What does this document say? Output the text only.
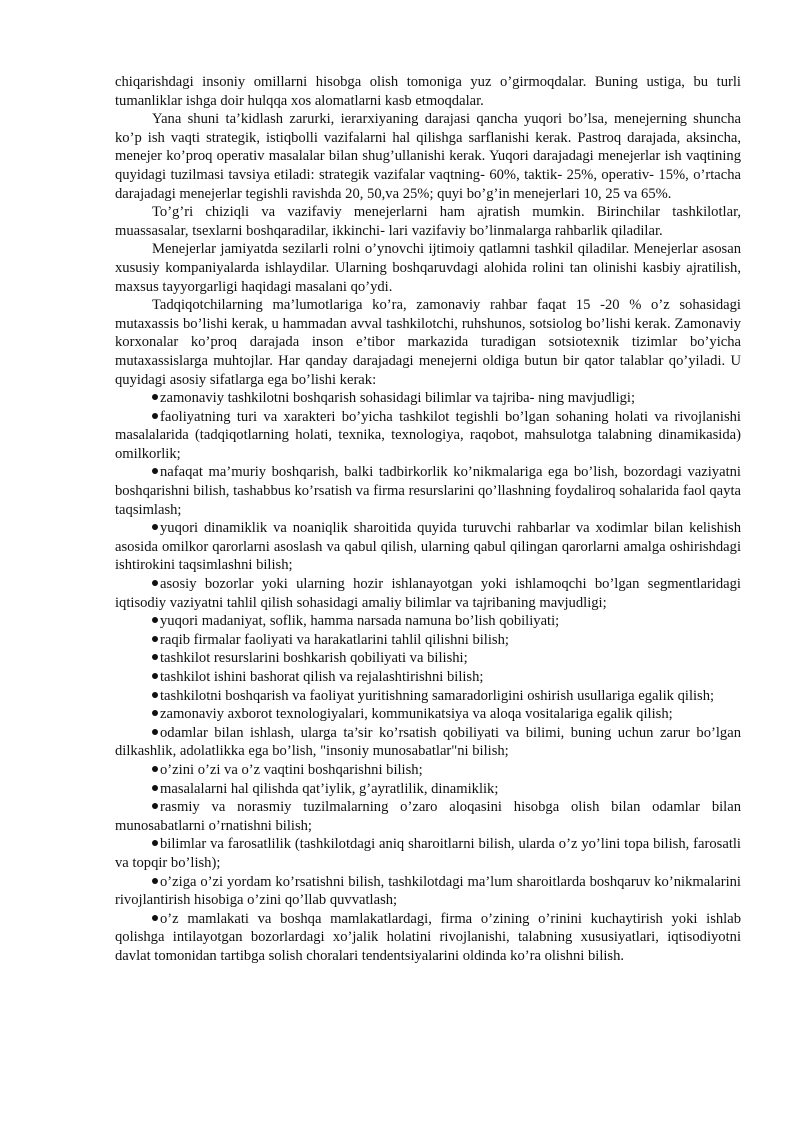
chiqarishdagi insoniy omillarni hisobga olish tomoniga yuz o’girmoqdalar. Buning ustiga, bu turli tumanliklar ishga doir hulqqa xos alomatlarni kasb etmoqdalar.

Yana shuni ta’kidlash zarurki, ierarxiyaning darajasi qancha yuqori bo’lsa, menejerning shuncha ko’p ish vaqti strategik, istiqbolli vazifalarni hal qilishga sarflanishi kerak. Pastroq darajada, aksincha, menejer ko’proq operativ masalalar bilan shug’ullanishi kerak. Yuqori darajadagi menejerlar ish vaqtining quyidagi tuzilmasi tavsiya etiladi: strategik vazifalar vaqtning- 60%, taktik- 25%, operativ- 15%, o’rtacha darajadagi menejerlar tegishli ravishda 20, 50,va 25%; quyi bo’g’in menejerlari 10, 25 va 65%.

To’g’ri chiziqli va vazifaviy menejerlarni ham ajratish mumkin. Birinchilar tashkilotlar, muassasalar, tsexlarni boshqaradilar, ikkinchi- lari vazifaviy bo’linmalarga rahbarlik qiladilar.

Menejerlar jamiyatda sezilarli rolni o’ynovchi ijtimoiy qatlamni tashkil qiladilar. Menejerlar asosan xususiy kompaniyalarda ishlaydilar. Ularning boshqaruvdagi alohida rolini tan olinishi kasbiy ajratilish, maxsus tayyorgarligi haqidagi masalani qo’ydi.

Tadqiqotchilarning ma’lumotlariga ko’ra, zamonaviy rahbar faqat 15 -20 % o’z sohasidagi mutaxassis bo’lishi kerak, u hammadan avval tashkilotchi, ruhshunos, sotsiolog bo’lishi kerak. Zamonaviy korxonalar ko’proq darajada inson e’tibor markazida turadigan sotsiotexnik tizimlar bo’yicha mutaxassislarga muhtojlar. Har qanday darajadagi menejerni oldiga butun bir qator talablar qo’yiladi. U quyidagi asosiy sifatlarga ega bo’lishi kerak:

zamonaviy tashkilotni boshqarish sohasidagi bilimlar va tajriba- ning mavjudligi;

faoliyatning turi va xarakteri bo’yicha tashkilot tegishli bo’lgan sohaning holati va rivojlanishi masalalarida (tadqiqotlarning holati, texnika, texnologiya, raqobot, mahsulotga talabning dinamikasida) omilkorlik;

nafaqat ma’muriy boshqarish, balki tadbirkorlik ko’nikmalariga ega bo’lish, bozordagi vaziyatni boshqarishni bilish, tashabbus ko’rsatish va firma resurslarini qo’llashning foydaliroq sohalarida faol qayta taqsimlash;

yuqori dinamiklik va noaniqlik sharoitida quyida turuvchi rahbarlar va xodimlar bilan kelishish asosida omilkor qarorlarni asoslash va qabul qilish, ularning qabul qilingan qarorlarni amalga oshirishdagi ishtirokini taqsimlashni bilish;

asosiy bozorlar yoki ularning hozir ishlanayotgan yoki ishlamoqchi bo’lgan segmentlaridagi iqtisodiy vaziyatni tahlil qilish sohasidagi amaliy bilimlar va tajribaning mavjudligi;

yuqori madaniyat, soflik, hamma narsada namuna bo’lish qobiliyati;

raqib firmalar faoliyati va harakatlarini tahlil qilishni bilish;

tashkilot resurslarini boshkarish qobiliyati va bilishi;

tashkilot ishini bashorat qilish va rejalashtirishni bilish;

tashkilotni boshqarish va faoliyat yuritishning samaradorligini oshirish usullariga egalik qilish;

zamonaviy axborot texnologiyalari, kommunikatsiya va aloqa vositalariga egalik qilish;

odamlar bilan ishlash, ularga ta’sir ko’rsatish qobiliyati va bilimi, buning uchun zarur bo’lgan dilkashlik, adolatlikka ega bo’lish, "insoniy munosabatlar"ni bilish;

o’zini o’zi va o’z vaqtini boshqarishni bilish;

masalalarni hal qilishda qat’iylik, g’ayratlilik, dinamiklik;

rasmiy va norasmiy tuzilmalarning o’zaro aloqasini hisobga olish bilan odamlar bilan munosabatlarni o’rnatishni bilish;

bilimlar va farosatlilik (tashkilotdagi aniq sharoitlarni bilish, ularda o’z yo’lini topa bilish, farosatli va topqir bo’lish);

o’ziga o’zi yordam ko’rsatishni bilish, tashkilotdagi ma’lum sharoitlarda boshqaruv ko’nikmalarini rivojlantirish hisobiga o’zini qo’llab quvvatlash;

o’z mamlakati va boshqa mamlakatlardagi, firma o’zining o’rinini kuchaytirish yoki ishlab qolishga intilayotgan bozorlardagi xo’jalik holatini rivojlanishi, talabning xususiyatlari, iqtisodiyotni davlat tomonidan tartibga solish choralari tendentsiyalarini oldinda ko’ra olishni bilish.
